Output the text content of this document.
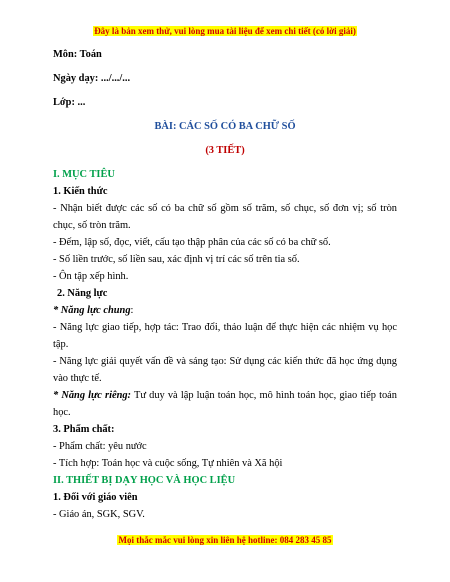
Đây là bản xem thử, vui lòng mua tài liệu để xem chi tiết (có lời giải)
Môn: Toán
Ngày dạy: .../.../...
Lớp: ...
BÀI: CÁC SỐ CÓ BA CHỮ SỐ
(3 TIẾT)
I. MỤC TIÊU
1. Kiến thức
- Nhận biết được các số có ba chữ số gồm số trăm, số chục, số đơn vị; số tròn chục, số tròn trăm.
- Đếm, lập số, đọc, viết, cấu tạo thập phân của các số có ba chữ số.
- Số liền trước, số liền sau, xác định vị trí các số trên tia số.
- Ôn tập xếp hình.
2. Năng lực
* Năng lực chung:
- Năng lực giao tiếp, hợp tác: Trao đổi, thảo luận để thực hiện các nhiệm vụ học tập.
- Năng lực giải quyết vấn đề và sáng tạo: Sử dụng các kiến thức đã học ứng dụng vào thực tế.
* Năng lực riêng: Tư duy và lập luận toán học, mô hình toán học, giao tiếp toán học.
3. Phẩm chất:
- Phẩm chất: yêu nước
- Tích hợp: Toán học và cuộc sống, Tự nhiên và Xã hội
II. THIẾT BỊ DẠY HỌC VÀ HỌC LIỆU
1. Đối với giáo viên
- Giáo án, SGK, SGV.
Mọi thắc mắc vui lòng xin liên hệ hotline: 084 283 45 85
